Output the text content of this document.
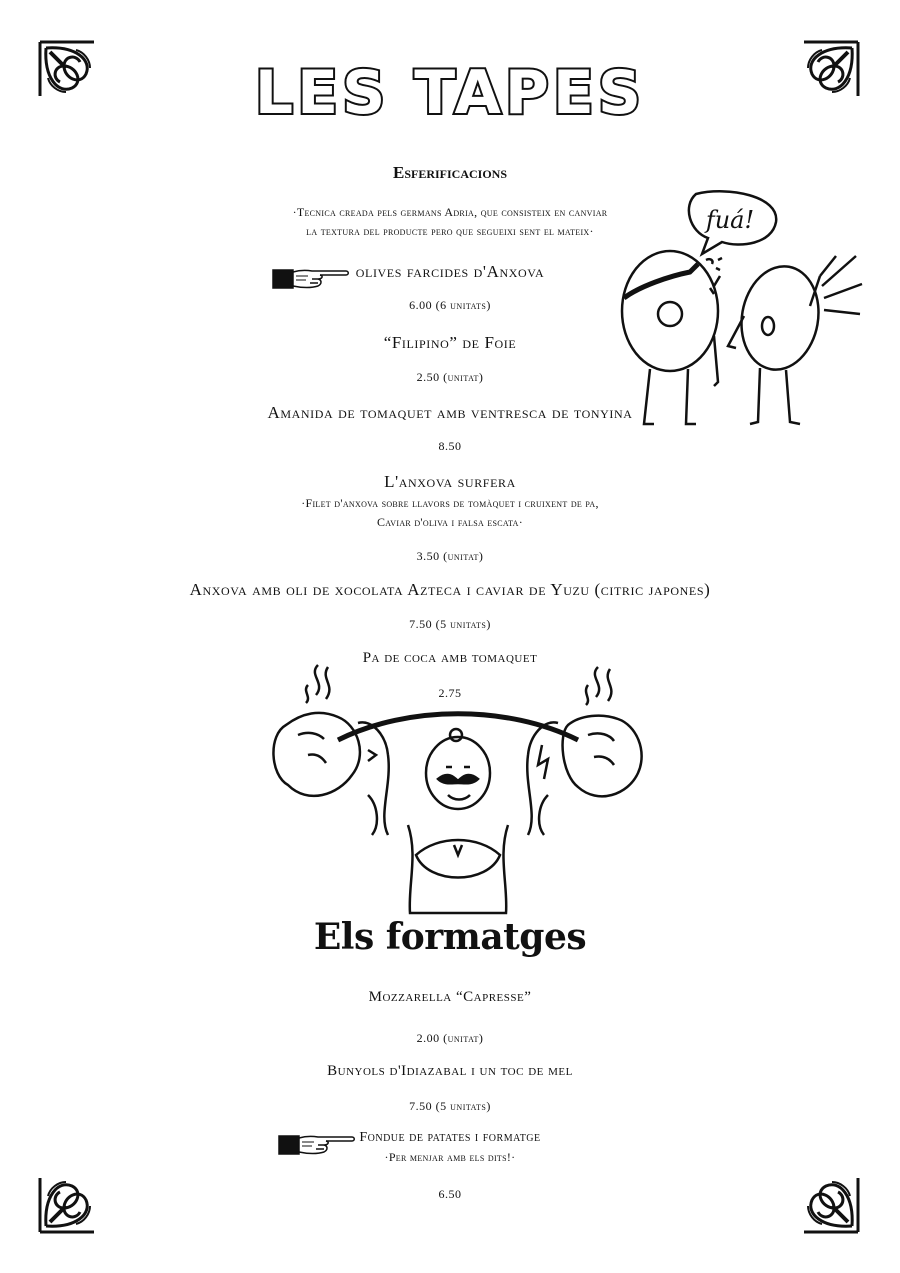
LES TAPES
Esferificacions
·Tecnica creada pels germans Adria, que consisteix en canviar
la textura del producte pero que segueixi sent el mateix·
olives farcides d'Anxova
6.00 (6 unitats)
“Filipino” de Foie
2.50 (unitat)
Amanida de tomaquet amb ventresca de tonyina
8.50
L'anxova surfera
·Filet d'anxova sobre llavors de tomàquet i cruixent de pa,
Caviar d'oliva i falsa escata·
3.50 (unitat)
Anxova amb oli de xocolata Azteca i caviar de Yuzu (citric japones)
7.50 (5 unitats)
Pa de coca amb tomaquet
2.75
fuá!
Els formatges
Mozzarella “Capresse”
2.00 (unitat)
Bunyols d'Idiazabal i un toc de mel
7.50 (5 unitats)
Fondue de patates i formatge
·Per menjar amb els dits!·
6.50
